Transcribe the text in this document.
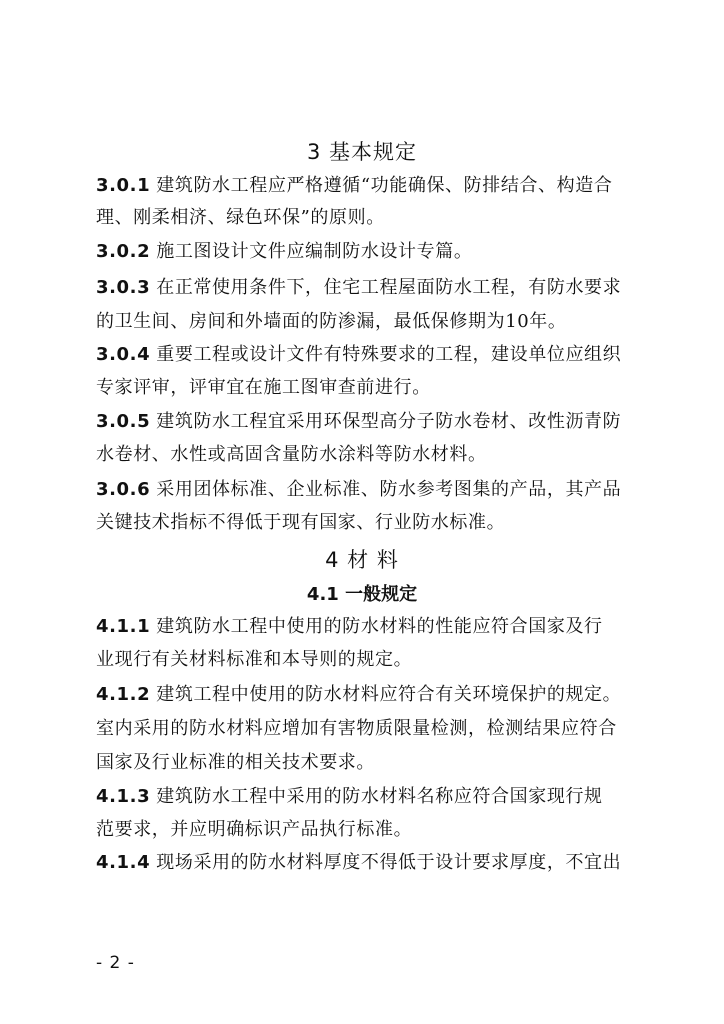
3 基本规定
3.0.1 建筑防水工程应严格遵循“功能确保、防排结合、构造合
理、刚柔相济、绿色环保”的原则。
3.0.2 施工图设计文件应编制防水设计专篇。
3.0.3 在正常使用条件下，住宅工程屋面防水工程，有防水要求
的卫生间、房间和外墙面的防渗漏，最低保修期为10年。
3.0.4 重要工程或设计文件有特殊要求的工程，建设单位应组织
专家评审，评审宜在施工图审查前进行。
3.0.5 建筑防水工程宜采用环保型高分子防水卷材、改性沥青防
水卷材、水性或高固含量防水涂料等防水材料。
3.0.6 采用团体标准、企业标准、防水参考图集的产品，其产品
关键技术指标不得低于现有国家、行业防水标准。
4 材 料
4.1 一般规定
4.1.1 建筑防水工程中使用的防水材料的性能应符合国家及行
业现行有关材料标准和本导则的规定。
4.1.2 建筑工程中使用的防水材料应符合有关环境保护的规定。
室内采用的防水材料应增加有害物质限量检测，检测结果应符合
国家及行业标准的相关技术要求。
4.1.3 建筑防水工程中采用的防水材料名称应符合国家现行规
范要求，并应明确标识产品执行标准。
4.1.4 现场采用的防水材料厚度不得低于设计要求厚度，不宜出
- 2 -
